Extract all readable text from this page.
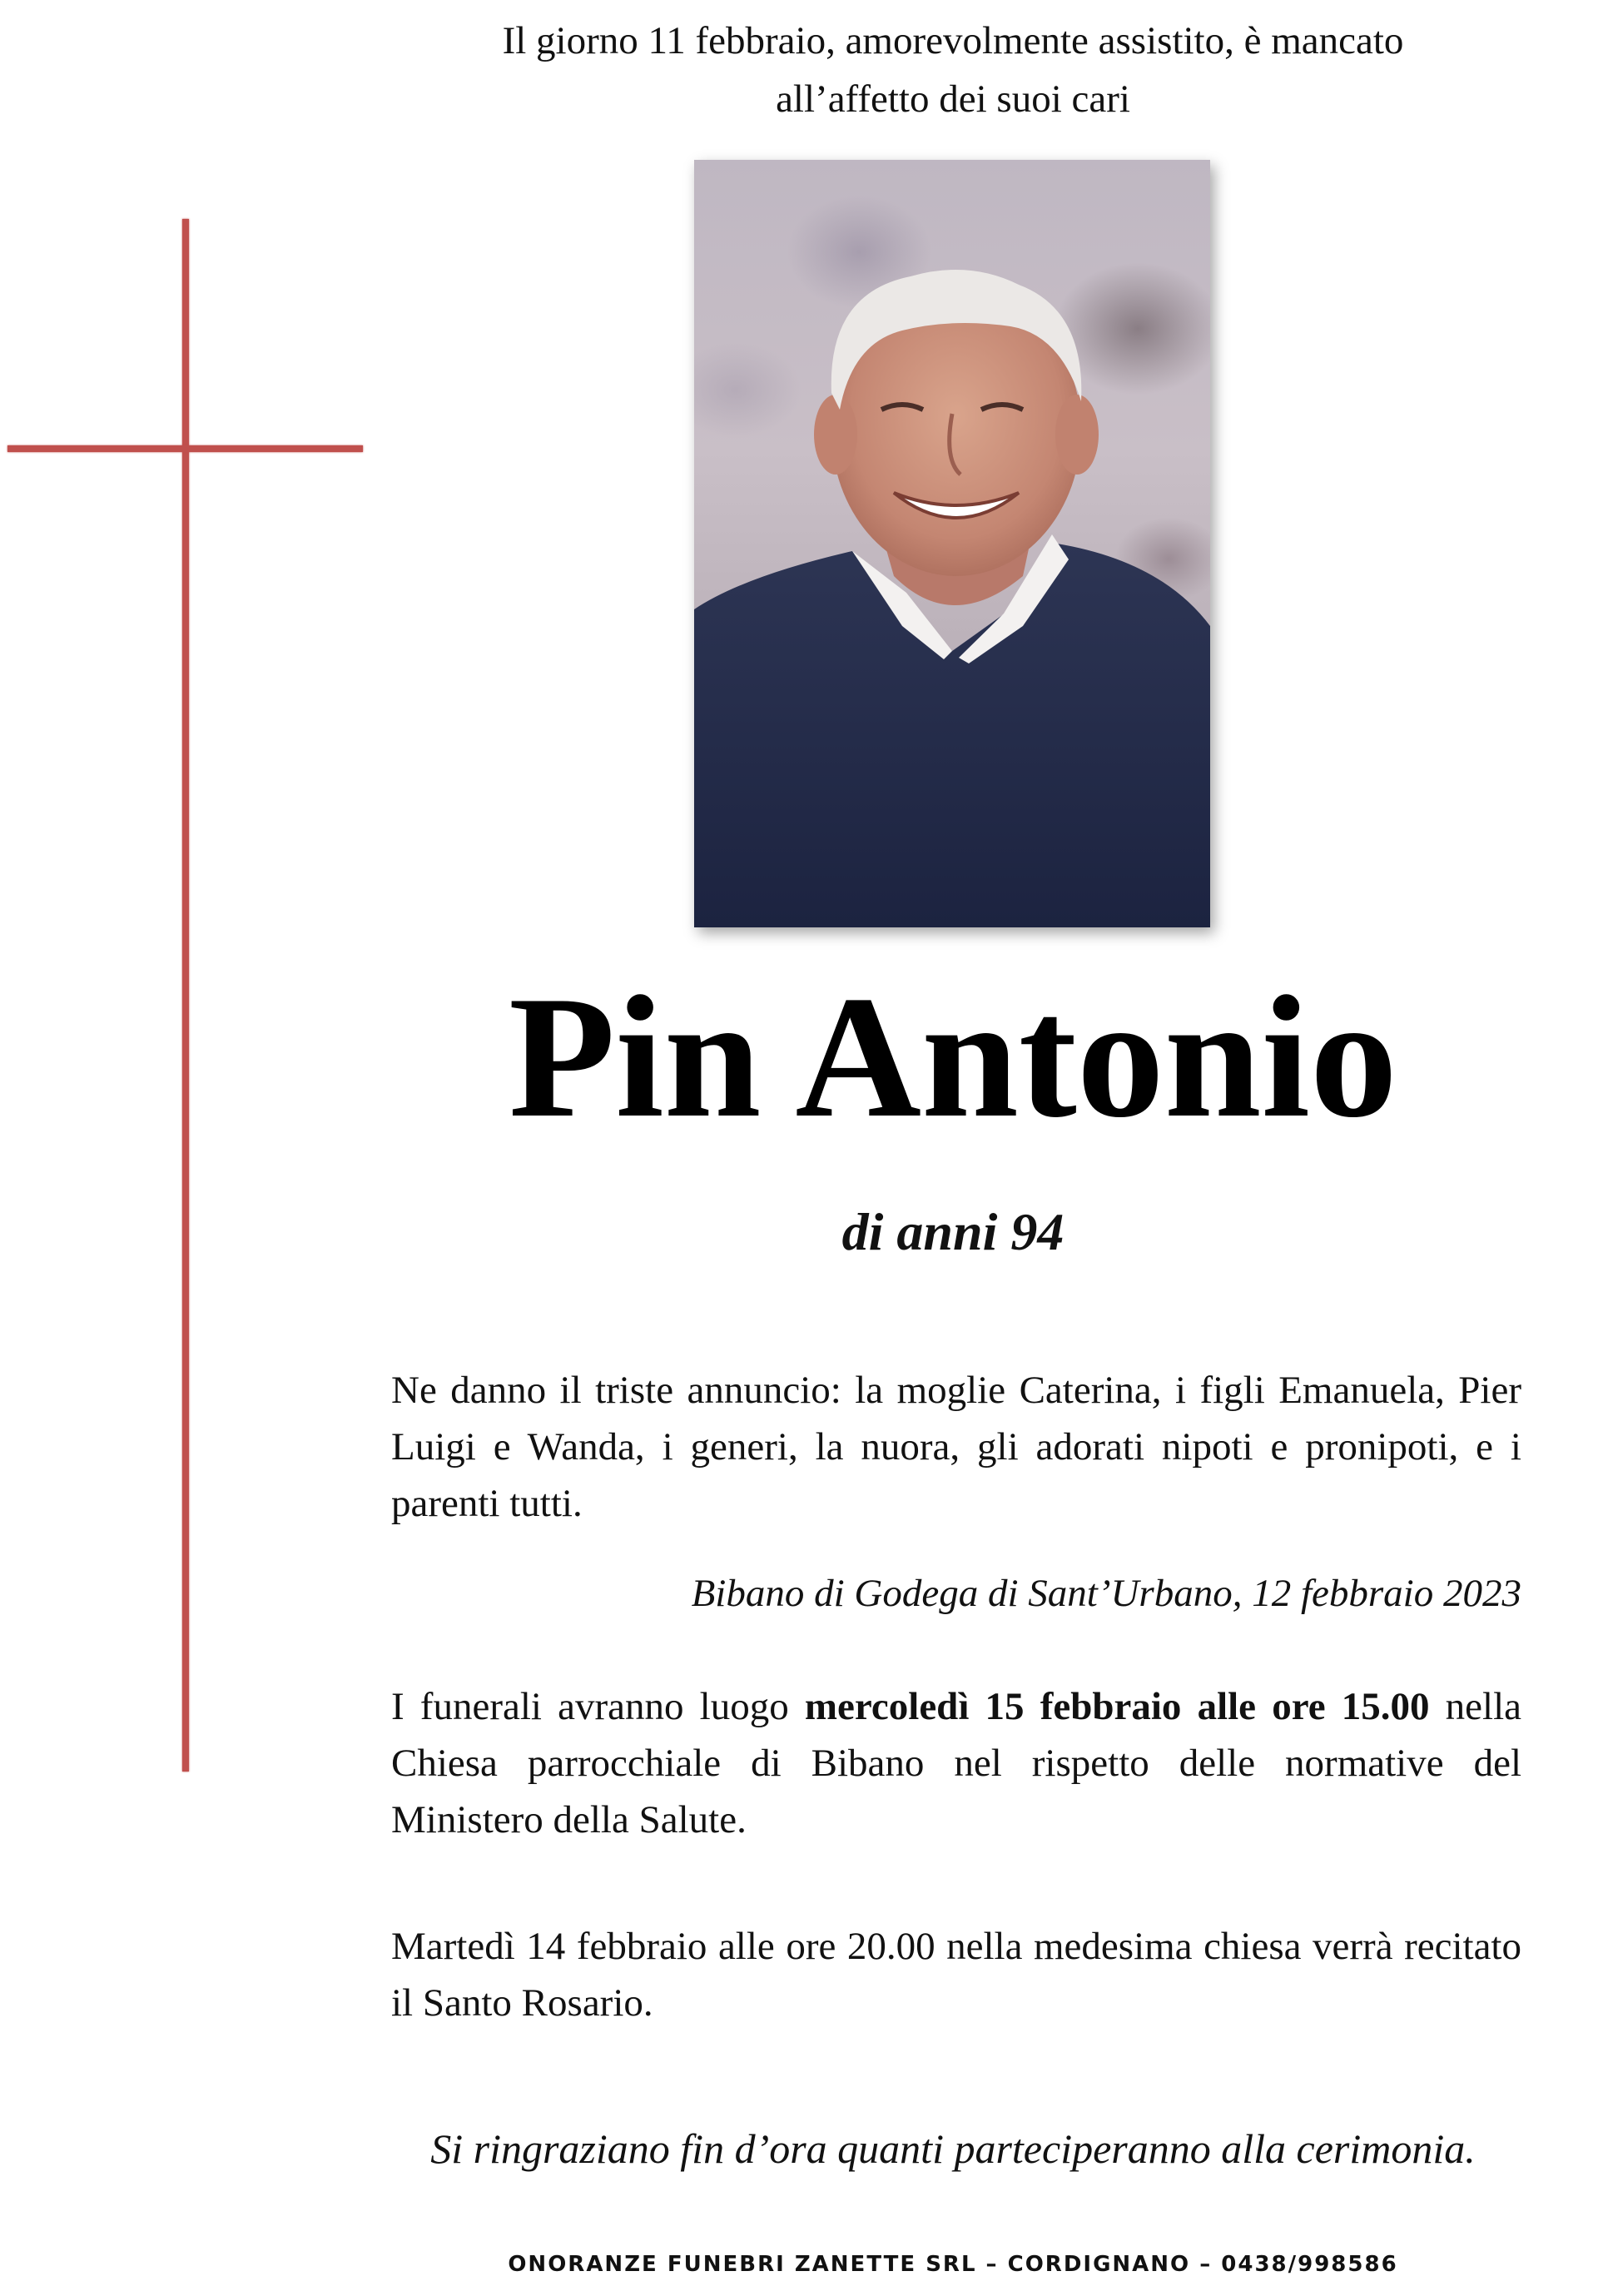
Il giorno 11 febbraio, amorevolmente assistito, è mancato
all’affetto dei suoi cari
Pin Antonio
di anni 94
Ne danno il triste annuncio: la moglie Caterina, i figli Emanuela, Pier Luigi e Wanda, i generi, la nuora, gli adorati nipoti e pronipoti, e i parenti tutti.
Bibano di Godega di Sant’Urbano, 12 febbraio 2023
I funerali avranno luogo mercoledì 15 febbraio alle ore 15.00 nella Chiesa parrocchiale di Bibano nel rispetto delle normative del Ministero della Salute.
Martedì 14 febbraio alle ore 20.00 nella medesima chiesa verrà recitato il Santo Rosario.
Si ringraziano fin d’ora quanti parteciperanno alla cerimonia.
ONORANZE FUNEBRI ZANETTE SRL – CORDIGNANO – 0438/998586
